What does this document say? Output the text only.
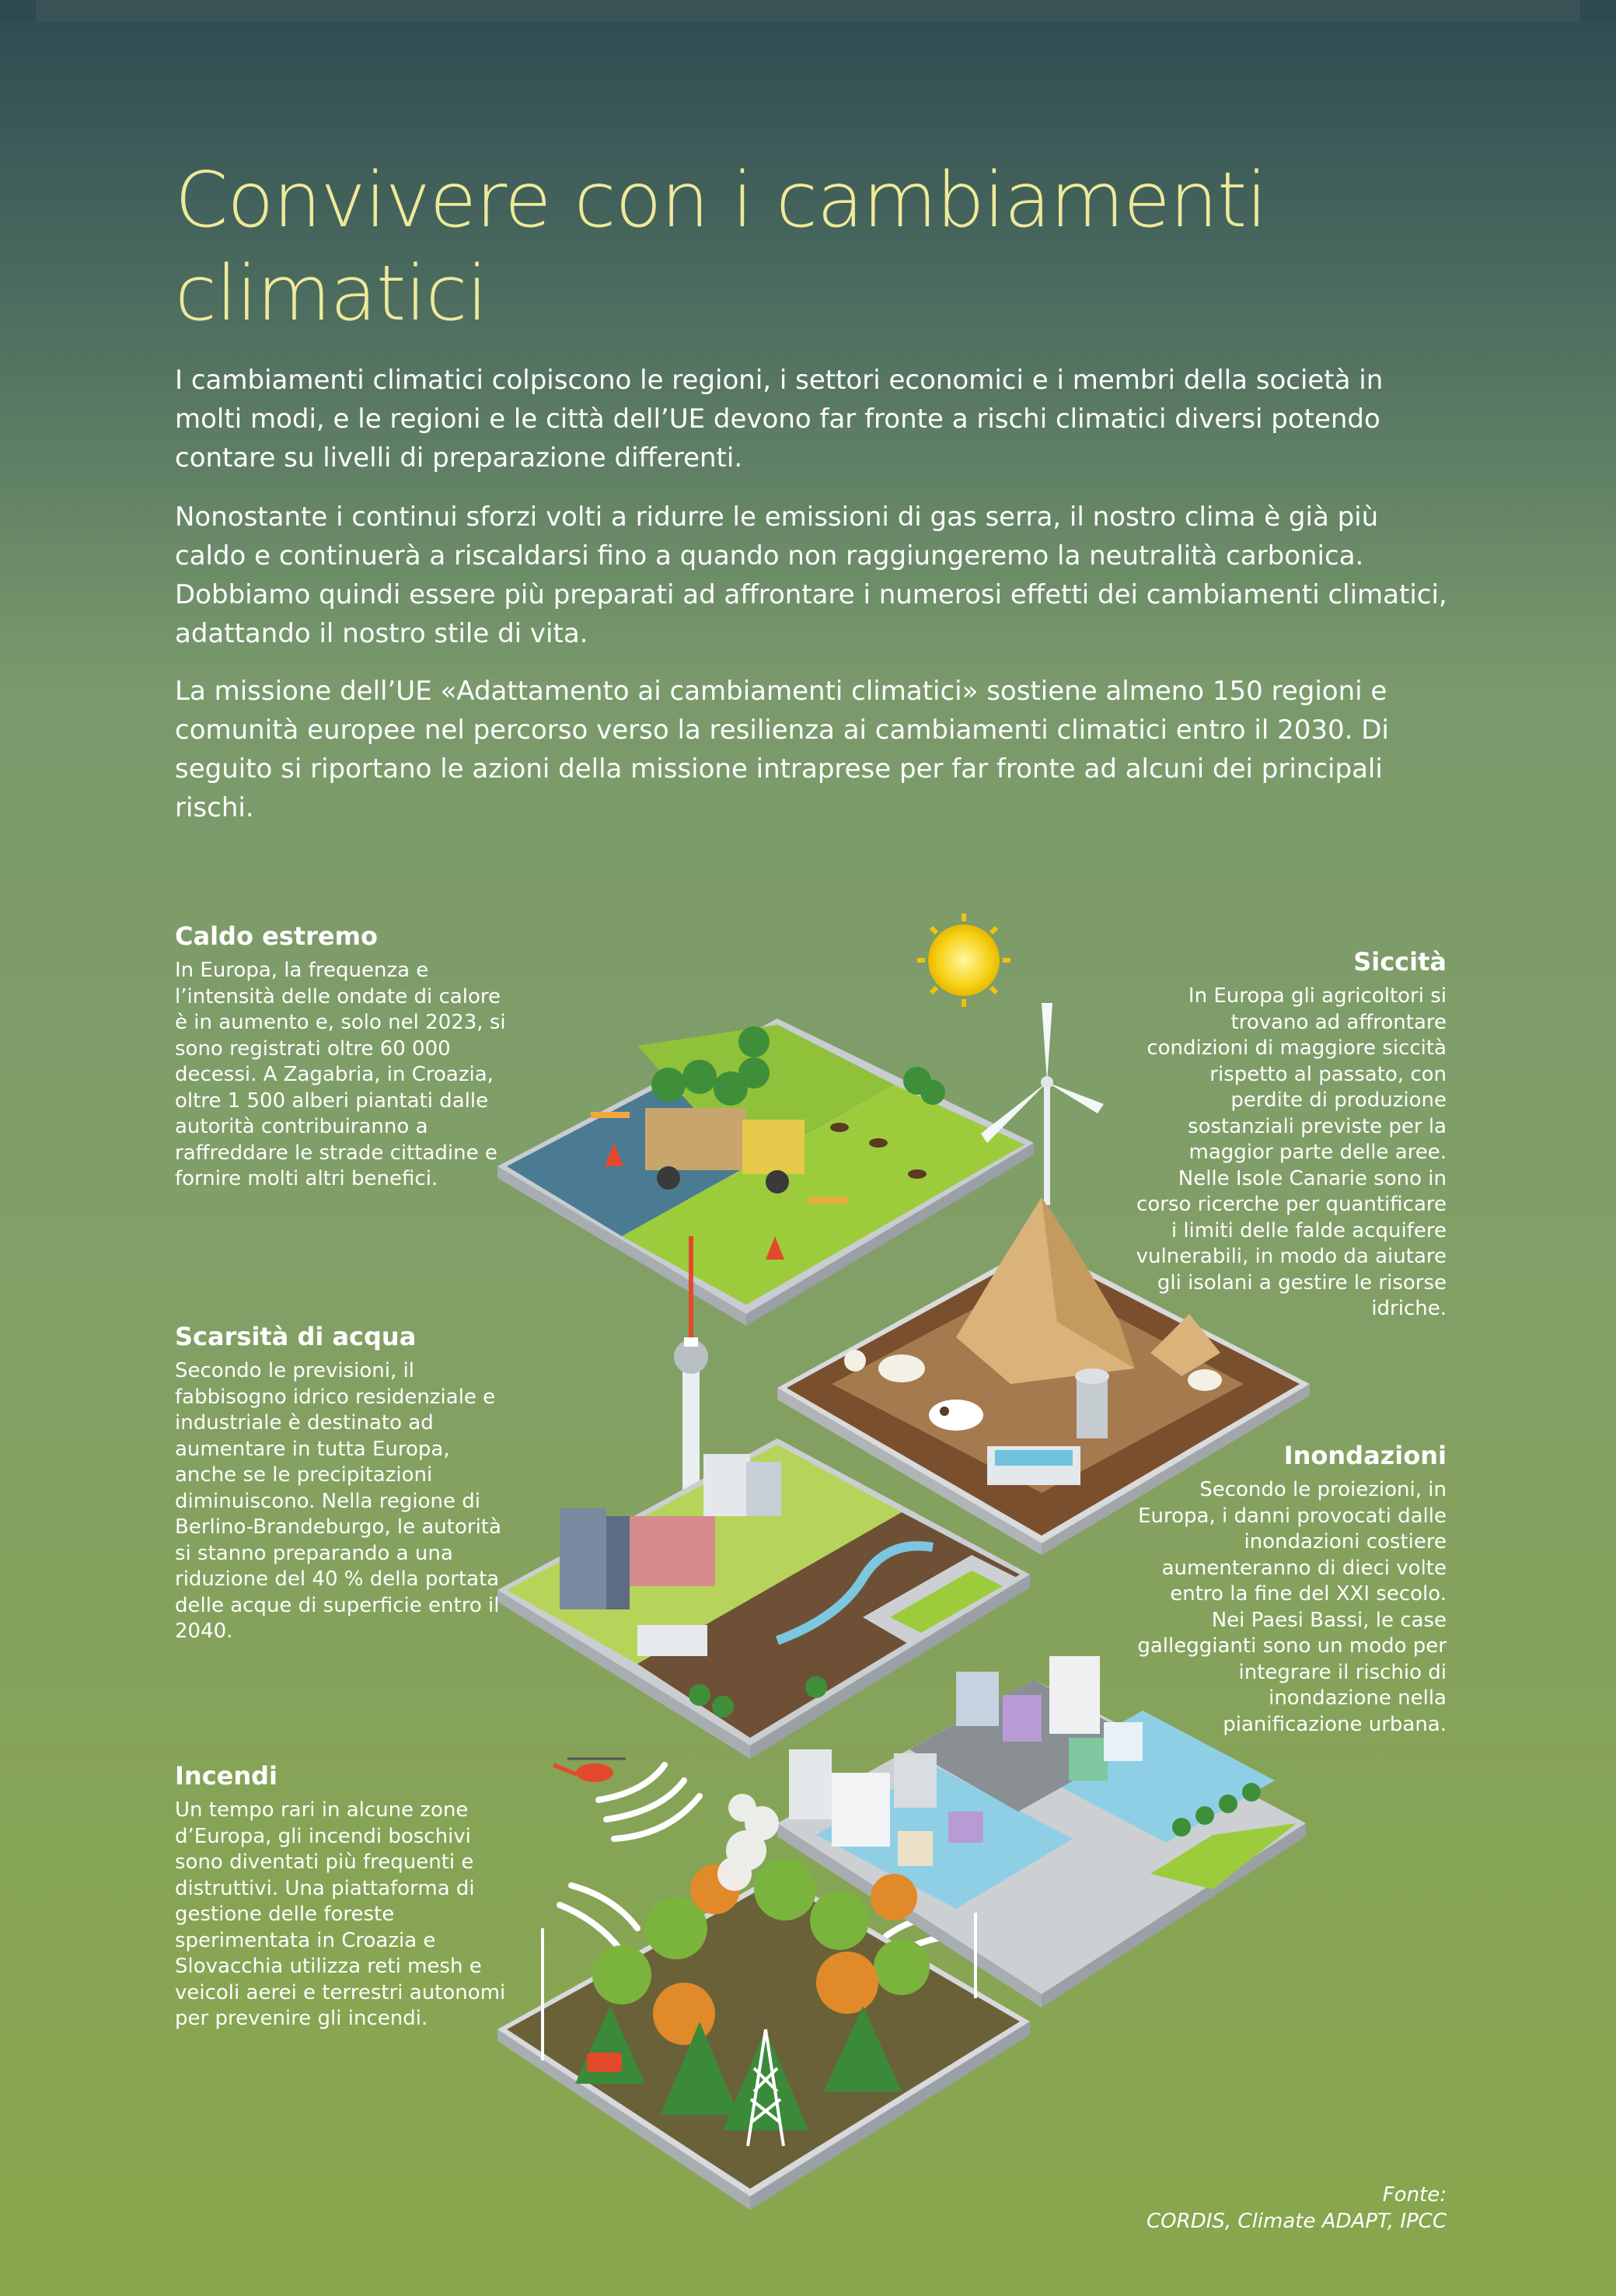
Convivere con i cambiamenti climatici

I cambiamenti climatici colpiscono le regioni, i settori economici e i membri della società in molti modi, e le regioni e le città dell’UE devono far fronte a rischi climatici diversi potendo contare su livelli di preparazione differenti.

Nonostante i continui sforzi volti a ridurre le emissioni di gas serra, il nostro clima è già più caldo e continuerà a riscaldarsi fino a quando non raggiungeremo la neutralità carbonica. Dobbiamo quindi essere più preparati ad affrontare i numerosi effetti dei cambiamenti climatici, adattando il nostro stile di vita.

La missione dell’UE «Adattamento ai cambiamenti climatici» sostiene almeno 150 regioni e comunità europee nel percorso verso la resilienza ai cambiamenti climatici entro il 2030. Di seguito si riportano le azioni della missione intraprese per far fronte ad alcuni dei principali rischi.

Caldo estremo

In Europa, la frequenza e l’intensità delle ondate di calore è in aumento e, solo nel 2023, si sono registrati oltre 60 000 decessi. A Zagabria, in Croazia, oltre 1 500 alberi piantati dalle autorità contribuiranno a raffreddare le strade cittadine e fornire molti altri benefici.

Siccità

In Europa gli agricoltori si trovano ad affrontare condizioni di maggiore siccità rispetto al passato, con perdite di produzione sostanziali previste per la maggior parte delle aree. Nelle Isole Canarie sono in corso ricerche per quantificare i limiti delle falde acquifere vulnerabili, in modo da aiutare gli isolani a gestire le risorse idriche.

Scarsità di acqua

Secondo le previsioni, il fabbisogno idrico residenziale e industriale è destinato ad aumentare in tutta Europa, anche se le precipitazioni diminuiscono. Nella regione di Berlino-Brandeburgo, le autorità si stanno preparando a una riduzione del 40 % della portata delle acque di superficie entro il 2040.

Inondazioni

Secondo le proiezioni, in Europa, i danni provocati dalle inondazioni costiere aumenteranno di dieci volte entro la fine del XXI secolo. Nei Paesi Bassi, le case galleggianti sono un modo per integrare il rischio di inondazione nella pianificazione urbana.

Incendi

Un tempo rari in alcune zone d’Europa, gli incendi boschivi sono diventati più frequenti e distruttivi. Una piattaforma di gestione delle foreste sperimentata in Croazia e Slovacchia utilizza reti mesh e veicoli aerei e terrestri autonomi per prevenire gli incendi.

Fonte:
CORDIS, Climate ADAPT, IPCC
